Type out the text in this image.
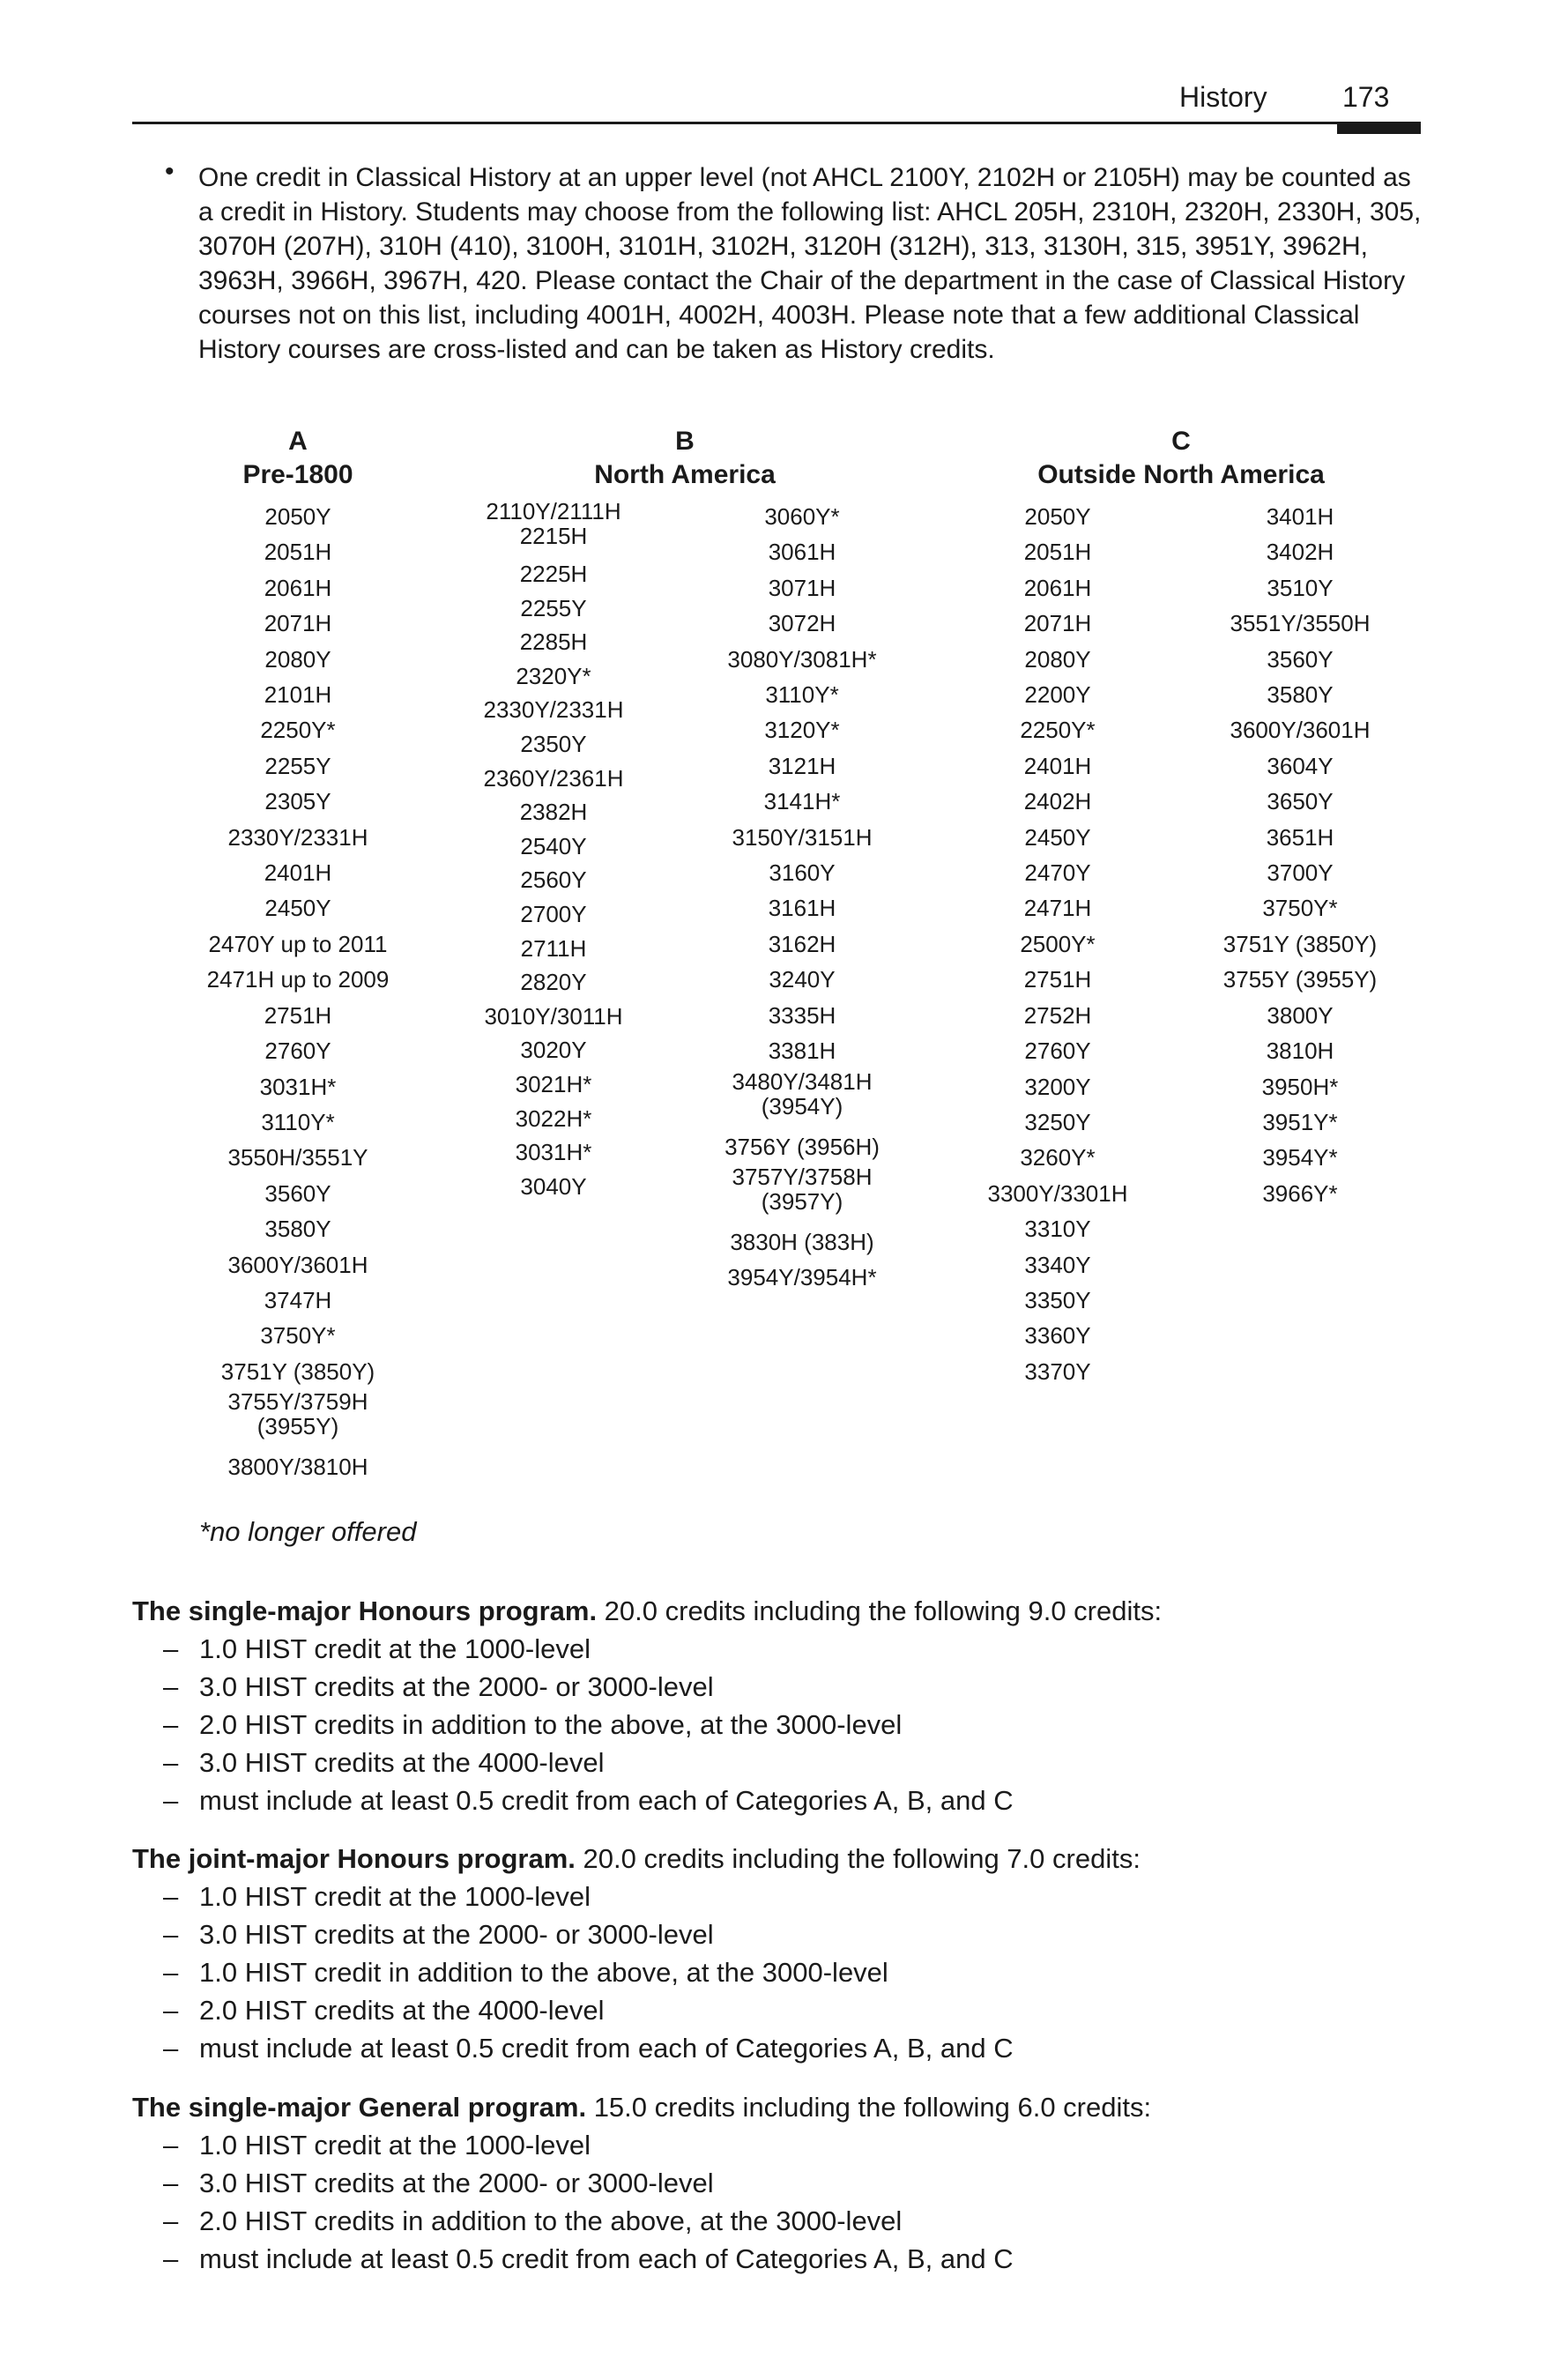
History	173
• One credit in Classical History at an upper level (not AHCL 2100Y, 2102H or 2105H) may be counted as a credit in History. Students may choose from the following list: AHCL 205H, 2310H, 2320H, 2330H, 305, 3070H (207H), 310H (410), 3100H, 3101H, 3102H, 3120H (312H), 313, 3130H, 315, 3951Y, 3962H, 3963H, 3966H, 3967H, 420. Please contact the Chair of the department in the case of Classical History courses not on this list, including 4001H, 4002H, 4003H. Please note that a few additional Classical History courses are cross-listed and can be taken as History credits.

A
Pre-1800
B
North America
C
Outside North America
2050Y
2051H
2061H
2071H
2080Y
2101H
2250Y*
2255Y
2305Y
2330Y/2331H
2401H
2450Y
2470Y up to 2011
2471H up to 2009
2751H
2760Y
3031H*
3110Y*
3550H/3551Y
3560Y
3580Y
3600Y/3601H
3747H
3750Y*
3751Y (3850Y)
3755Y/3759H
(3955Y)
3800Y/3810H
2110Y/2111H
2215H
2225H
2255Y
2285H
2320Y*
2330Y/2331H
2350Y
2360Y/2361H
2382H
2540Y
2560Y
2700Y
2711H
2820Y
3010Y/3011H
3020Y
3021H*
3022H*
3031H*
3040Y
3060Y*
3061H
3071H
3072H
3080Y/3081H*
3110Y*
3120Y*
3121H
3141H*
3150Y/3151H
3160Y
3161H
3162H
3240Y
3335H
3381H
3480Y/3481H
(3954Y)
3756Y (3956H)
3757Y/3758H
(3957Y)
3830H (383H)
3954Y/3954H*
2050Y
2051H
2061H
2071H
2080Y
2200Y
2250Y*
2401H
2402H
2450Y
2470Y
2471H
2500Y*
2751H
2752H
2760Y
3200Y
3250Y
3260Y*
3300Y/3301H
3310Y
3340Y
3350Y
3360Y
3370Y
3401H
3402H
3510Y
3551Y/3550H
3560Y
3580Y
3600Y/3601H
3604Y
3650Y
3651H
3700Y
3750Y*
3751Y (3850Y)
3755Y (3955Y)
3800Y
3810H
3950H*
3951Y*
3954Y*
3966Y*
*no longer offered

The single-major Honours program. 20.0 credits including the following 9.0 credits:

– 1.0 HIST credit at the 1000-level
– 3.0 HIST credits at the 2000- or 3000-level
– 2.0 HIST credits in addition to the above, at the 3000-level
– 3.0 HIST credits at the 4000-level
– must include at least 0.5 credit from each of Categories A, B, and C

The joint-major Honours program. 20.0 credits including the following 7.0 credits:

– 1.0 HIST credit at the 1000-level
– 3.0 HIST credits at the 2000- or 3000-level
– 1.0 HIST credit in addition to the above, at the 3000-level
– 2.0 HIST credits at the 4000-level
– must include at least 0.5 credit from each of Categories A, B, and C

The single-major General program. 15.0 credits including the following 6.0 credits:

– 1.0 HIST credit at the 1000-level
– 3.0 HIST credits at the 2000- or 3000-level
– 2.0 HIST credits in addition to the above, at the 3000-level
– must include at least 0.5 credit from each of Categories A, B, and C
